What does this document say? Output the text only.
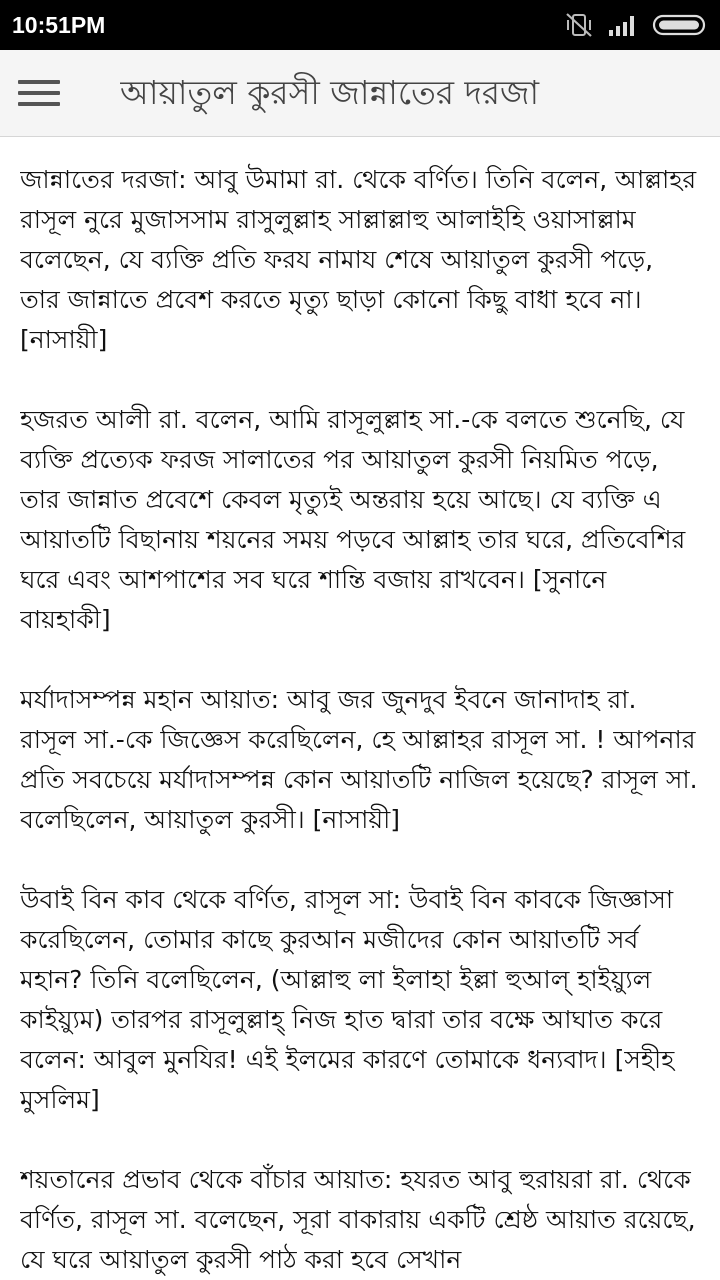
10:51PM
আয়াতুল কুরসী জান্নাতের দরজা

জান্নাতের দরজা: আবু উমামা রা. থেকে বর্ণিত। তিনি বলেন, আল্লাহর রাসূল নুরে মুজাসসাম রাসুলুল্লাহ সাল্লাল্লাহু আলাইহি ওয়াসাল্লাম বলেছেন, যে ব্যক্তি প্রতি ফরয নামায শেষে আয়াতুল কুরসী পড়ে, তার জান্নাতে প্রবেশ করতে মৃত্যু ছাড়া কোনো কিছু বাধা হবে না। [নাসায়ী]

হজরত আলী রা. বলেন, আমি রাসূলুল্লাহ সা.-কে বলতে শুনেছি, যে ব্যক্তি প্রত্যেক ফরজ সালাতের পর আয়াতুল কুরসী নিয়মিত পড়ে, তার জান্নাত প্রবেশে কেবল মৃত্যুই অন্তরায় হয়ে আছে। যে ব্যক্তি এ আয়াতটি বিছানায় শয়নের সময় পড়বে আল্লাহ তার ঘরে, প্রতিবেশির ঘরে এবং আশপাশের সব ঘরে শান্তি বজায় রাখবেন। [সুনানে বায়হাকী]

মর্যাদাসম্পন্ন মহান আয়াত: আবু জর জুনদুব ইবনে জানাদাহ রা. রাসূল সা.-কে জিজ্ঞেস করেছিলেন, হে আল্লাহর রাসূল সা. ! আপনার প্রতি সবচেয়ে মর্যাদাসম্পন্ন কোন আয়াতটি নাজিল হয়েছে? রাসূল সা. বলেছিলেন, আয়াতুল কুরসী। [নাসায়ী]

উবাই বিন কাব থেকে বর্ণিত, রাসূল সা: উবাই বিন কাবকে জিজ্ঞাসা করেছিলেন, তোমার কাছে কুরআন মজীদের কোন আয়াতটি সর্ব মহান? তিনি বলেছিলেন, (আল্লাহু লা ইলাহা ইল্লা হুআল্ হাইয়্যুল কাইয়্যুম) তারপর রাসূলুল্লাহ্ নিজ হাত দ্বারা তার বক্ষে আঘাত করে বলেন: আবুল মুনযির! এই ইলমের কারণে তোমাকে ধন্যবাদ। [সহীহ মুসলিম]

শয়তানের প্রভাব থেকে বাঁচার আয়াত: হযরত আবু হুরায়রা রা. থেকে বর্ণিত, রাসূল সা. বলেছেন, সূরা বাকারায় একটি শ্রেষ্ঠ আয়াত রয়েছে, যে ঘরে আয়াতুল কুরসী পাঠ করা হবে সেখান
